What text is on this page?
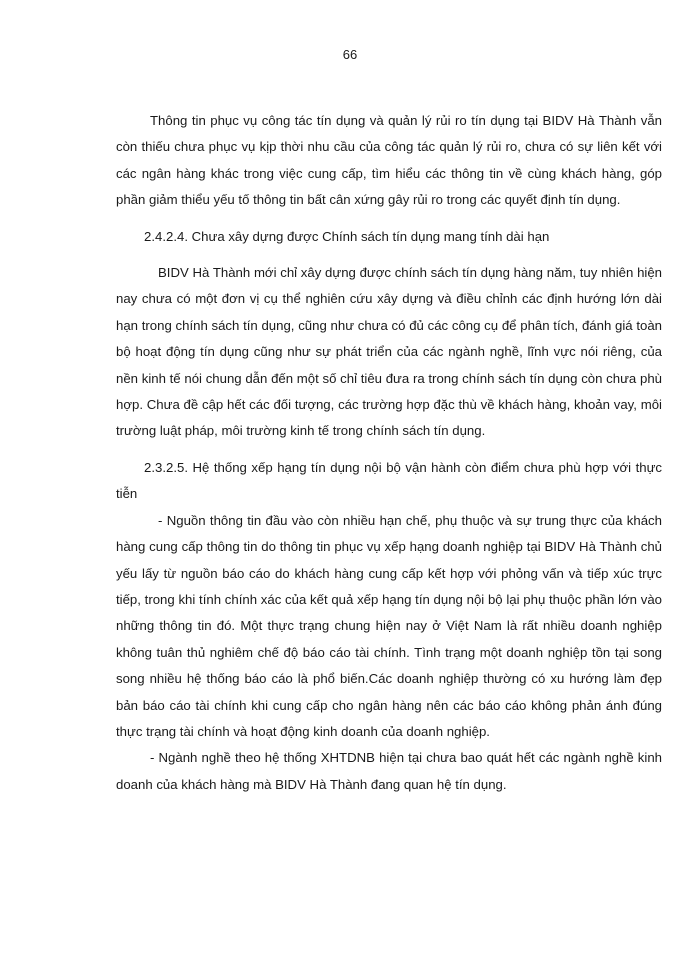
66

Thông tin phục vụ công tác tín dụng và quản lý rủi ro tín dụng tại BIDV Hà Thành vẫn còn thiếu chưa phục vụ kịp thời nhu cầu của công tác quản lý rủi ro, chưa có sự liên kết với các ngân hàng khác trong việc cung cấp, tìm hiểu các thông tin về cùng khách hàng, góp phần giảm thiểu yếu tố thông tin bất cân xứng gây rủi ro trong các quyết định tín dụng.

2.4.2.4. Chưa xây dựng được Chính sách tín dụng mang tính dài hạn

BIDV Hà Thành mới chỉ xây dựng được chính sách tín dụng hàng năm, tuy nhiên hiện nay chưa có một đơn vị cụ thể nghiên cứu xây dựng và điều chỉnh các định hướng lớn dài hạn trong chính sách tín dụng, cũng như chưa có đủ các công cụ để phân tích, đánh giá toàn bộ hoạt động tín dụng cũng như sự phát triển của các ngành nghề, lĩnh vực nói riêng, của nền kinh tế nói chung dẫn đến một số chỉ tiêu đưa ra trong chính sách tín dụng còn chưa phù hợp. Chưa đề cập hết các đối tượng, các trường hợp đặc thù về khách hàng, khoản vay, môi trường luật pháp, môi trường kinh tế trong chính sách tín dụng.

2.3.2.5. Hệ thống xếp hạng tín dụng nội bộ vận hành còn điểm chưa phù hợp với thực tiễn

- Nguồn thông tin đầu vào còn nhiều hạn chế, phụ thuộc và sự trung thực của khách hàng cung cấp thông tin do thông tin phục vụ xếp hạng doanh nghiệp tại BIDV Hà Thành chủ yếu lấy từ nguồn báo cáo do khách hàng cung cấp kết hợp với phỏng vấn và tiếp xúc trực tiếp, trong khi tính chính xác của kết quả xếp hạng tín dụng nội bộ lại phụ thuộc phần lớn vào những thông tin đó. Một thực trạng chung hiện nay ở Việt Nam là rất nhiều doanh nghiệp không tuân thủ nghiêm chế độ báo cáo tài chính. Tình trạng một doanh nghiệp tồn tại song song nhiều hệ thống báo cáo là phổ biến.Các doanh nghiệp thường có xu hướng làm đẹp bản báo cáo tài chính khi cung cấp cho ngân hàng nên các báo cáo không phản ánh đúng thực trạng tài chính và hoạt động kinh doanh của doanh nghiệp.

- Ngành nghề theo hệ thống XHTDNB hiện tại chưa bao quát hết các ngành nghề kinh doanh của khách hàng mà BIDV Hà Thành đang quan hệ tín dụng.
